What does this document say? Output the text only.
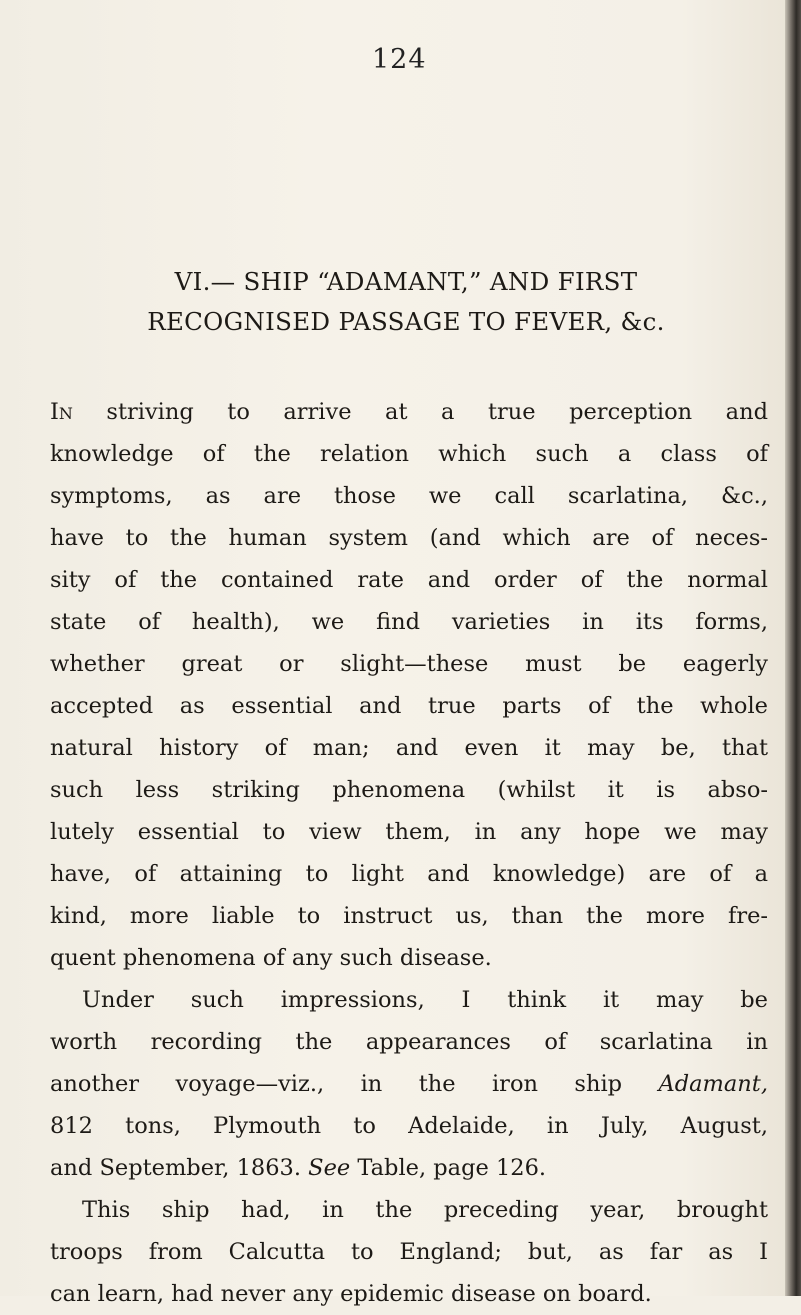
124
VI.— SHIP “ADAMANT,” AND FIRST
RECOGNISED PASSAGE TO FEVER, &c.
In striving to arrive at a true perception and
knowledge of the relation which such a class of
symptoms, as are those we call scarlatina, &c.,
have to the human system (and which are of neces-
sity of the contained rate and order of the normal
state of health), we find varieties in its forms,
whether great or slight—these must be eagerly
accepted as essential and true parts of the whole
natural history of man; and even it may be, that
such less striking phenomena (whilst it is abso-
lutely essential to view them, in any hope we may
have, of attaining to light and knowledge) are of a
kind, more liable to instruct us, than the more fre-
quent phenomena of any such disease.
Under such impressions, I think it may be
worth recording the appearances of scarlatina in
another voyage—viz., in the iron ship Adamant,
812 tons, Plymouth to Adelaide, in July, August,
and September, 1863. See Table, page 126.
This ship had, in the preceding year, brought
troops from Calcutta to England; but, as far as I
can learn, had never any epidemic disease on board.
